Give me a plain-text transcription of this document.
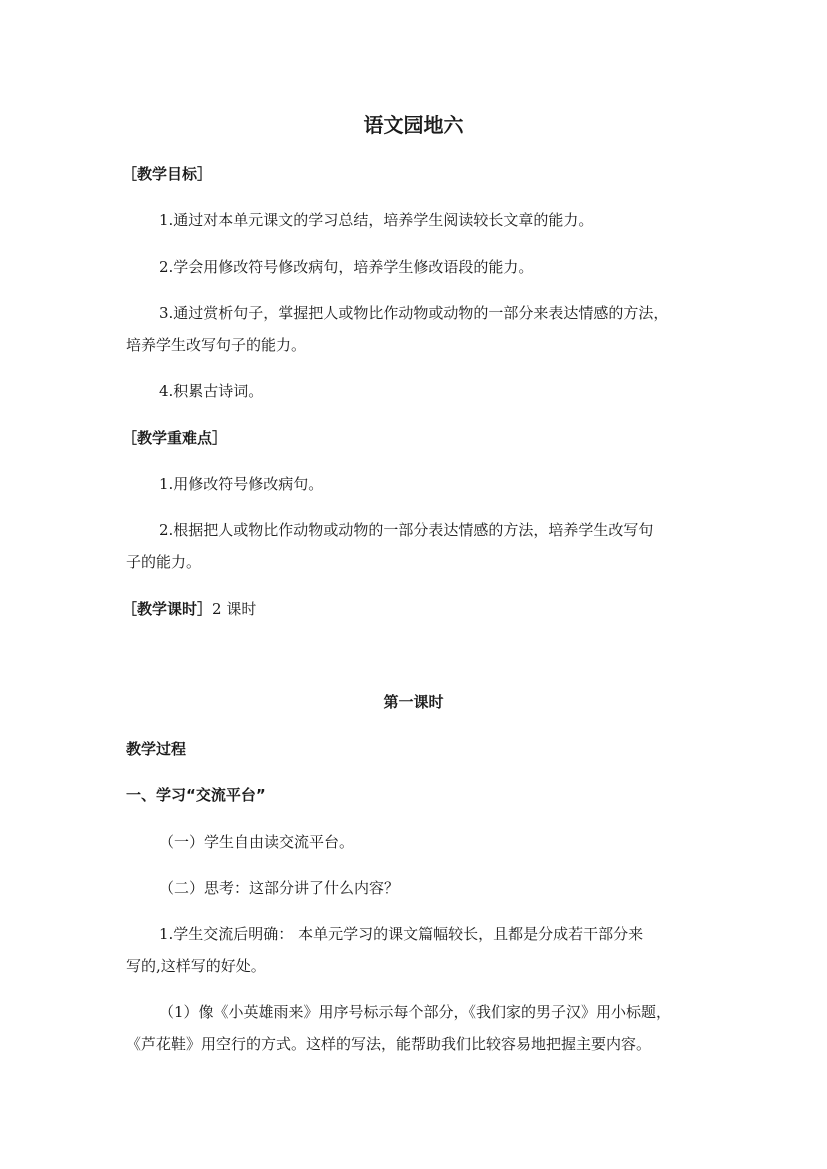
语文园地六
［教学目标］
1.通过对本单元课文的学习总结，培养学生阅读较长文章的能力。
2.学会用修改符号修改病句，培养学生修改语段的能力。
3.通过赏析句子，掌握把人或物比作动物或动物的一部分来表达情感的方法，
培养学生改写句子的能力。
4.积累古诗词。
［教学重难点］
1.用修改符号修改病句。
2.根据把人或物比作动物或动物的一部分表达情感的方法，培养学生改写句
子的能力。
［教学课时］2 课时
第一课时
教学过程
一、学习“交流平台”
（一）学生自由读交流平台。
（二）思考：这部分讲了什么内容？
1.学生交流后明确： 本单元学习的课文篇幅较长，且都是分成若干部分来
写的,这样写的好处。
（1）像《小英雄雨来》用序号标示每个部分，《我们家的男子汉》用小标题，
《芦花鞋》用空行的方式。这样的写法，能帮助我们比较容易地把握主要内容。
